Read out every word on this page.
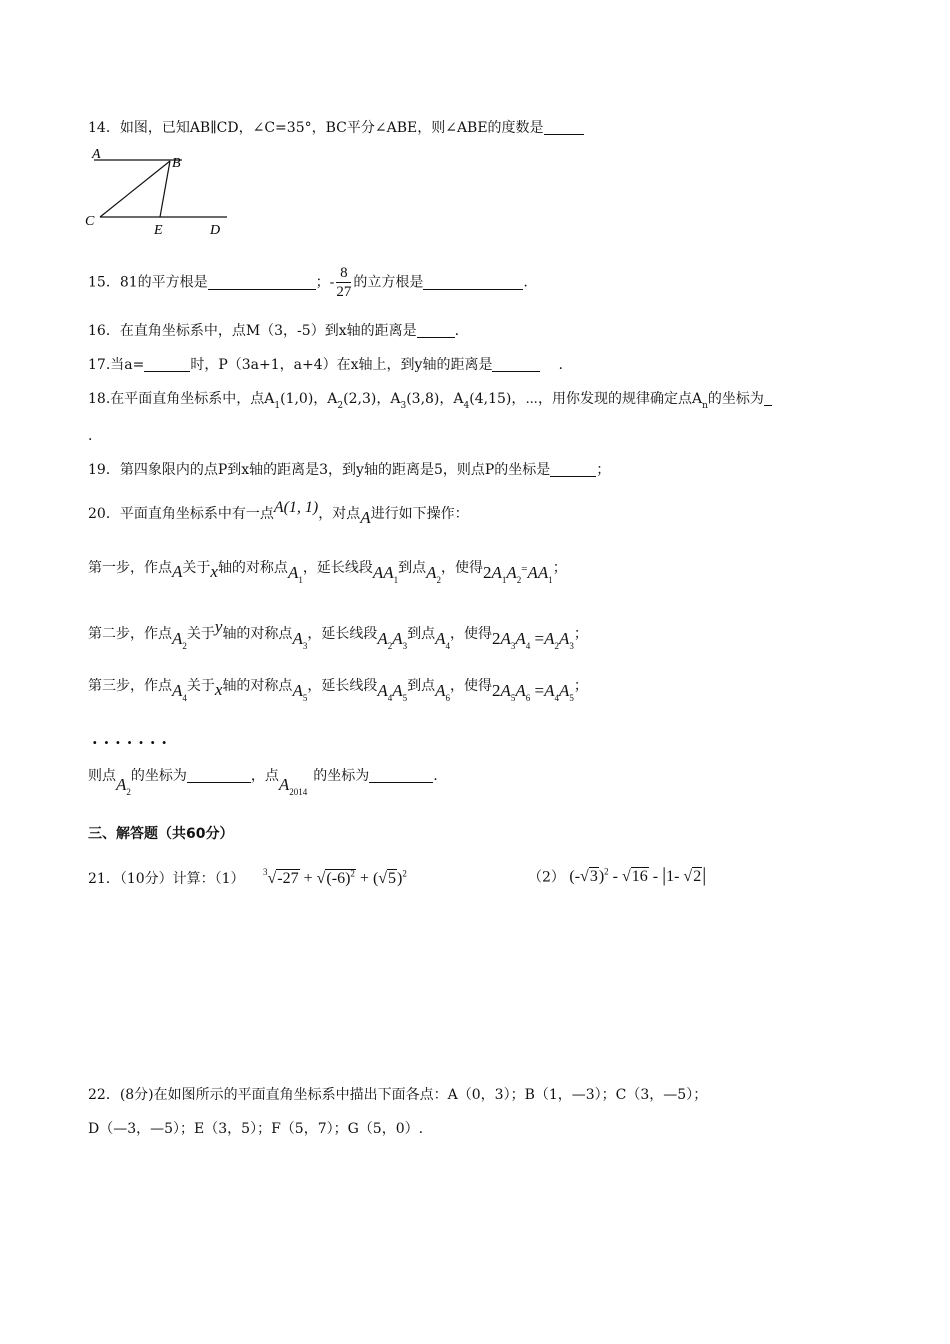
14．如图，已知AB∥CD，∠C=35°，BC平分∠ABE，则∠ABE的度数是
A
B
C
E	D
15．81的平方根是	；- $\frac{8}{27}$ 的立方根是	.
16．在直角坐标系中，点M（3，-5）到x轴的距离是	.
17.当a=	时，P（3a+1，a+4）在x轴上，到y轴的距离是	.
18.在平面直角坐标系中，点$A_1(1,0)$，$A_2(2,3)$，$A_3(3,8)$，$A_4(4,15)$，⋯，用你发现的规律确定点$A_n$的坐标为
.
19．第四象限内的点P到x轴的距离是3，到y轴的距离是5，则点P的坐标是	；
20．平面直角坐标系中有一点A(1, 1)，对点A进行如下操作：
第一步，作点A关于x轴的对称点$A_1$，延长线段$AA_1$到点$A_2$，使得$2A_1A_2^=AA_1$；
第二步，作点$A_2$关于y轴的对称点$A_3$，延长线段$A_2A_3$到点$A_4$，使得$2A_3A_4 =A_2A_3$；
第三步，作点$A_4$关于x轴的对称点$A_5$，延长线段$A_4A_5$到点$A_6$，使得$2A_5A_6 =A_4A_5$；
·······
则点$A_2$的坐标为	，点$A_{2014}$的坐标为	.
三、解答题（共60分）
21．（10分）计算：（1） $^3√-27 + √(-6)^2 + (√5)^2$	（2） $(-√3)^2 - √16 - |1-$ √2|
22．(8分)在如图所示的平面直角坐标系中描出下面各点：A（0，3）；B（1，—3）；C（3，—5）；
D（—3，—5）；E（3，5）；F（5，7）；G（5，0）.
